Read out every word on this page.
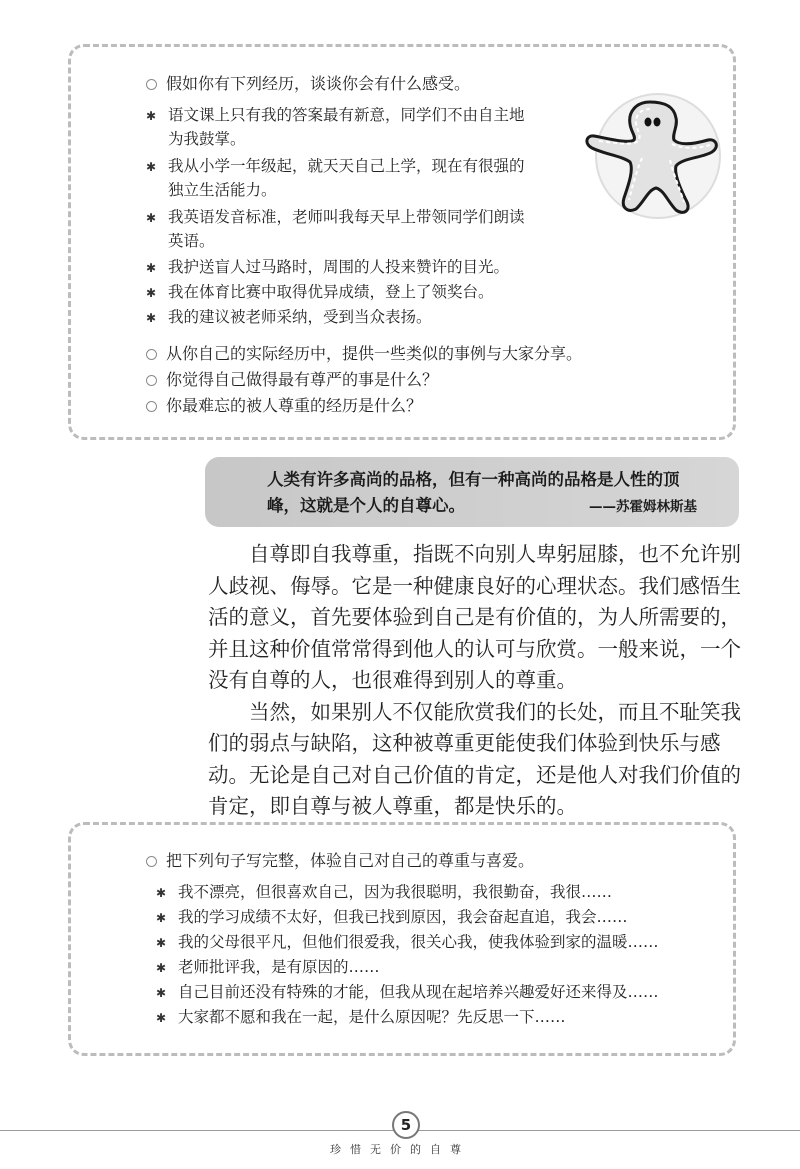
假如你有下列经历，谈谈你会有什么感受。
✱ 语文课上只有我的答案最有新意，同学们不由自主地
为我鼓掌。
✱ 我从小学一年级起，就天天自己上学，现在有很强的
独立生活能力。
✱ 我英语发音标准，老师叫我每天早上带领同学们朗读
英语。
✱ 我护送盲人过马路时，周围的人投来赞许的目光。
✱ 我在体育比赛中取得优异成绩，登上了领奖台。
✱ 我的建议被老师采纳，受到当众表扬。
从你自己的实际经历中，提供一些类似的事例与大家分享。
你觉得自己做得最有尊严的事是什么？
你最难忘的被人尊重的经历是什么？
人类有许多高尚的品格，但有一种高尚的品格是人性的顶
峰，这就是个人的自尊心。	——苏霍姆林斯基

自尊即自我尊重，指既不向别人卑躬屈膝，也不允许别人歧视、侮辱。它是一种健康良好的心理状态。我们感悟生活的意义，首先要体验到自己是有价值的，为人所需要的，并且这种价值常常得到他人的认可与欣赏。一般来说，一个没有自尊的人，也很难得到别人的尊重。

当然，如果别人不仅能欣赏我们的长处，而且不耻笑我们的弱点与缺陷，这种被尊重更能使我们体验到快乐与感动。无论是自己对自己价值的肯定，还是他人对我们价值的肯定，即自尊与被人尊重，都是快乐的。

把下列句子写完整，体验自己对自己的尊重与喜爱。
✱ 我不漂亮，但很喜欢自己，因为我很聪明，我很勤奋，我很……
✱ 我的学习成绩不太好，但我已找到原因，我会奋起直追，我会……
✱ 我的父母很平凡，但他们很爱我，很关心我，使我体验到家的温暖……
✱ 老师批评我，是有原因的……
✱ 自己目前还没有特殊的才能，但我从现在起培养兴趣爱好还来得及……
✱ 大家都不愿和我在一起，是什么原因呢？先反思一下……
5
珍惜无价的自尊
